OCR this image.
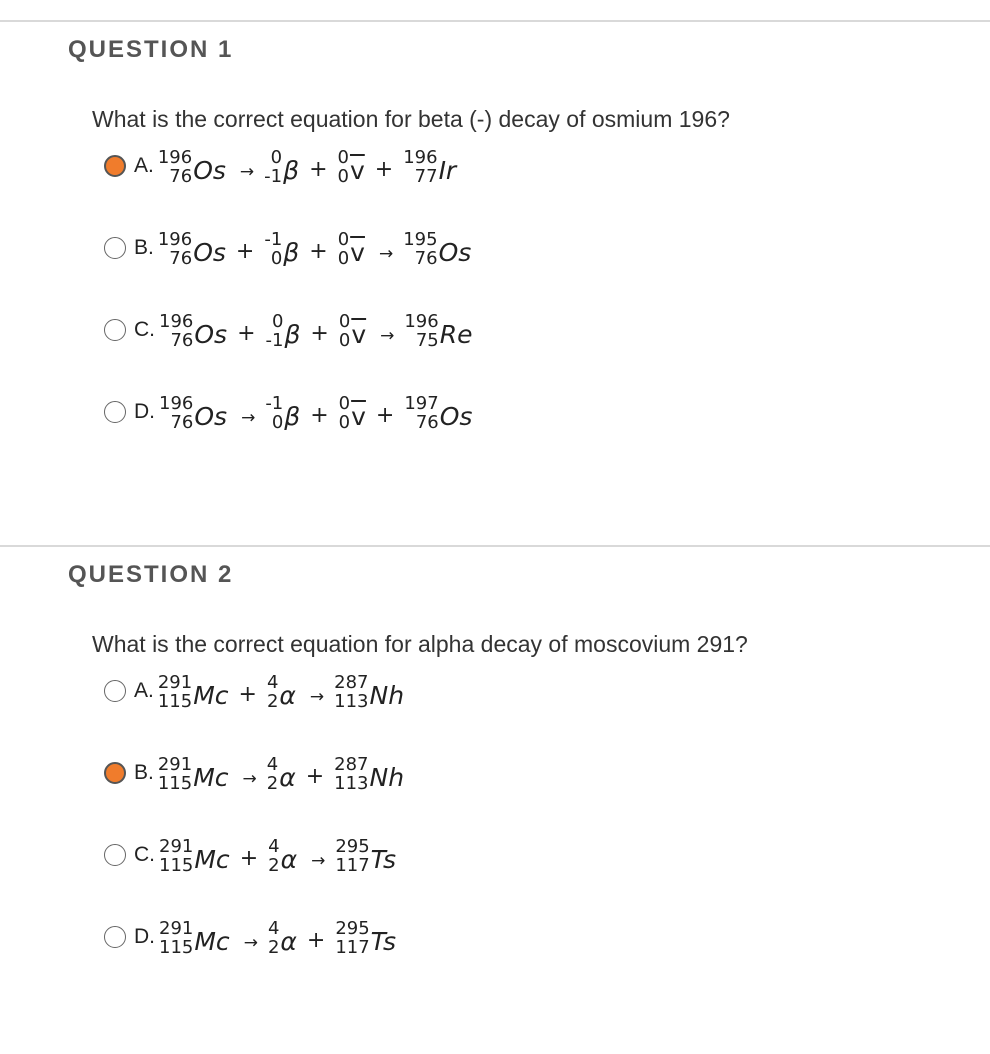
QUESTION 1
What is the correct equation for beta (-) decay of osmium 196?
A. 196
76 Os →
0
-1 β + 0
0 $\overline{v} + 196$
77 Ir
B. 196
76 Os + -1
0 β + 0
0 $\overline{v}$ →
195
76 Os
C. 196
76 Os + 0
-1 β + 0
0 $\overline{v}$ →
196
75 Re
D. 196
76 Os →
-1
0 β + 0
0 $\overline{v} + 197$
76 Os
QUESTION 2
What is the correct equation for alpha decay of moscovium 291?
A. 291
115 Mc + 4
2 α →
287
113 Nh
B. 291
115 Mc →
4
2 α + 287
113 Nh
C. 291
115 Mc + 4
2 α →
295
117 Ts
D. 291
115 Mc →
4
2 α + 295
117 Ts
